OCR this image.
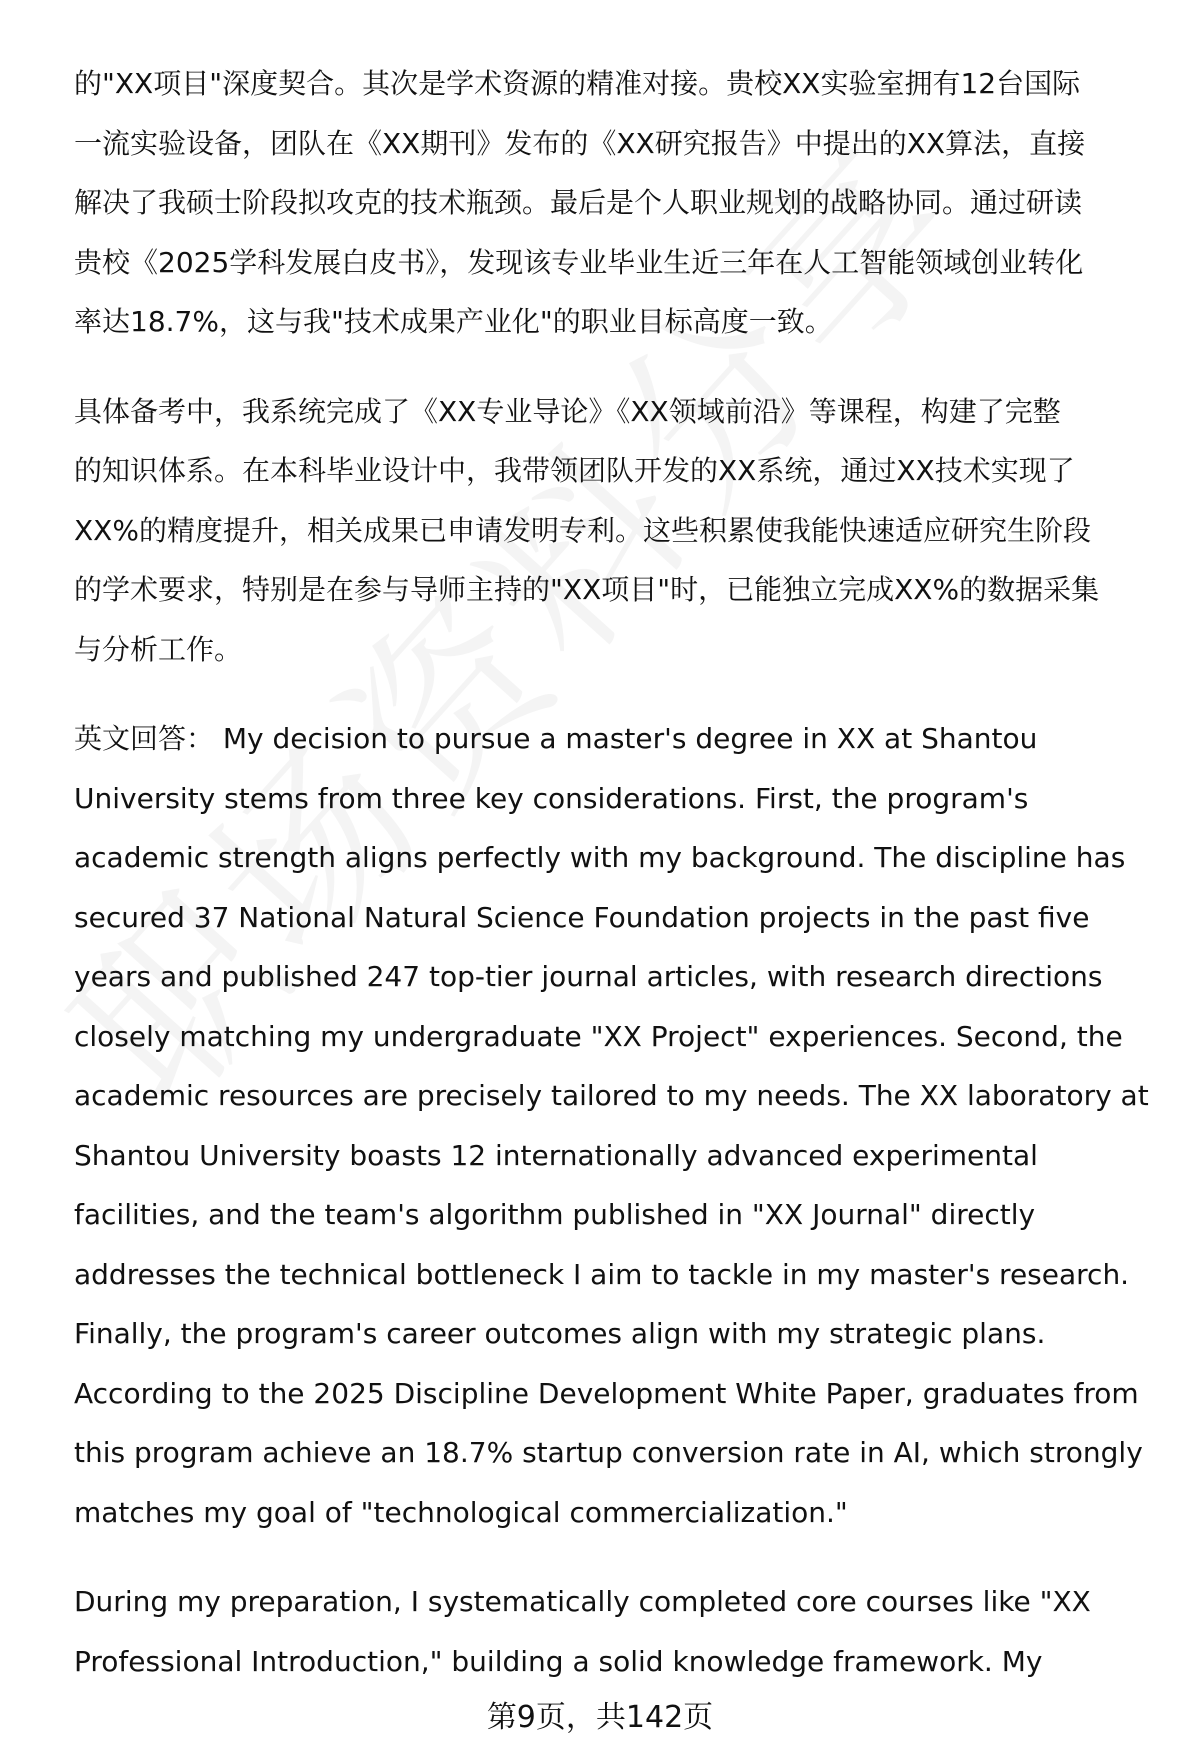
的"XX项目"深度契合。其次是学术资源的精准对接。贵校XX实验室拥有12台国际
一流实验设备，团队在《XX期刊》发布的《XX研究报告》中提出的XX算法，直接
解决了我硕士阶段拟攻克的技术瓶颈。最后是个人职业规划的战略协同。通过研读
贵校《2025学科发展白皮书》，发现该专业毕业生近三年在人工智能领域创业转化
率达18.7%，这与我"技术成果产业化"的职业目标高度一致。

具体备考中，我系统完成了《XX专业导论》《XX领域前沿》等课程，构建了完整
的知识体系。在本科毕业设计中，我带领团队开发的XX系统，通过XX技术实现了
XX%的精度提升，相关成果已申请发明专利。这些积累使我能快速适应研究生阶段
的学术要求，特别是在参与导师主持的"XX项目"时，已能独立完成XX%的数据采集
与分析工作。

英文回答： My decision to pursue a master's degree in XX at Shantou
University stems from three key considerations. First, the program's
academic strength aligns perfectly with my background. The discipline has
secured 37 National Natural Science Foundation projects in the past five
years and published 247 top-tier journal articles, with research directions
closely matching my undergraduate "XX Project" experiences. Second, the
academic resources are precisely tailored to my needs. The XX laboratory at
Shantou University boasts 12 internationally advanced experimental
facilities, and the team's algorithm published in "XX Journal" directly
addresses the technical bottleneck I aim to tackle in my master's research.
Finally, the program's career outcomes align with my strategic plans.
According to the 2025 Discipline Development White Paper, graduates from
this program achieve an 18.7% startup conversion rate in AI, which strongly
matches my goal of "technological commercialization."

During my preparation, I systematically completed core courses like "XX
Professional Introduction," building a solid knowledge framework. My

第9页，共142页
